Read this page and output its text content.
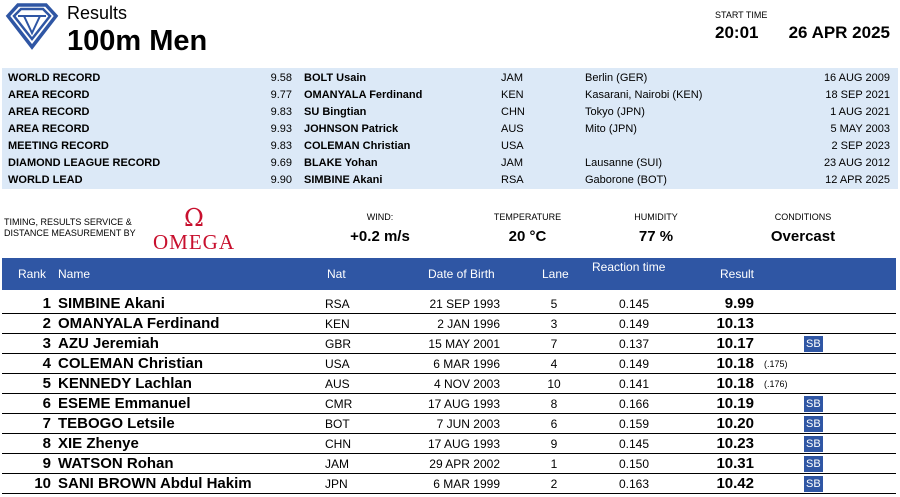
Results
100m Men
START TIME
20:01 26 APR 2025
WORLD RECORD	9.58 BOLT Usain	JAM	Berlin (GER)	16 AUG 2009
AREA RECORD	9.77 OMANYALA Ferdinand	KEN	Kasarani, Nairobi (KEN)	18 SEP 2021
AREA RECORD	9.83 SU Bingtian	CHN	Tokyo (JPN)	1 AUG 2021
AREA RECORD	9.93 JOHNSON Patrick	AUS	Mito (JPN)	5 MAY 2003
MEETING RECORD	9.83 COLEMAN Christian	USA	2 SEP 2023
DIAMOND LEAGUE RECORD	9.69 BLAKE Yohan	JAM	Lausanne (SUI)	23 AUG 2012
WORLD LEAD	9.90 SIMBINE Akani	RSA	Gaborone (BOT)	12 APR 2025
TIMING, RESULTS SERVICE &
DISTANCE MEASUREMENT BY
Ω
OMEGA
WIND:
+0.2 m/s
TEMPERATURE
20 °C
HUMIDITY
77 %
CONDITIONS
Overcast
Rank Name	Nat	Date of Birth	Lane Reaction time	Result
1 SIMBINE Akani	RSA	21 SEP 1993	5	0.145	9.99
2 OMANYALA Ferdinand	KEN	2 JAN 1996	3	0.149	10.13
3 AZU Jeremiah	GBR	15 MAY 2001	7	0.137	10.17	SB
4 COLEMAN Christian	USA	6 MAR 1996	4	0.149	10.18 (.175)
5 KENNEDY Lachlan	AUS	4 NOV 2003	10	0.141	10.18 (.176)
6 ESEME Emmanuel	CMR	17 AUG 1993	8	0.166	10.19	SB
7 TEBOGO Letsile	BOT	7 JUN 2003	6	0.159	10.20	SB
8 XIE Zhenye	CHN	17 AUG 1993	9	0.145	10.23	SB
9 WATSON Rohan	JAM	29 APR 2002	1	0.150	10.31	SB
10 SANI BROWN Abdul Hakim	JPN	6 MAR 1999	2	0.163	10.42	SB
